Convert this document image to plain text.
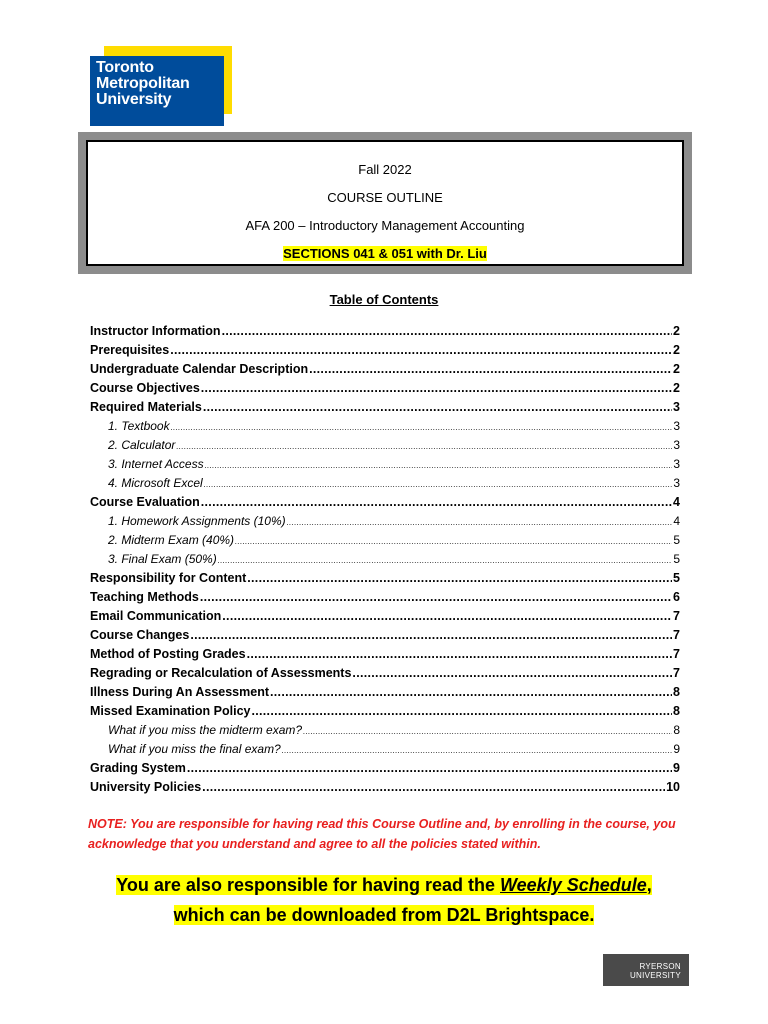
Toronto
Metropolitan
University
Fall 2022
COURSE OUTLINE
AFA 200 – Introductory Management Accounting
SECTIONS 041 & 051 with Dr. Liu
Table of Contents
Instructor Information .....	2
Prerequisites .....	2
Undergraduate Calendar Description .....	2
Course Objectives .....	2
Required Materials .....	3
1. Textbook .....	3
2. Calculator .....	3
3. Internet Access .....	3
4. Microsoft Excel .....	3
Course Evaluation .....	4
1. Homework Assignments (10%) .....	4
2. Midterm Exam (40%) .....	5
3. Final Exam (50%) .....	5
Responsibility for Content .....	5
Teaching Methods .....	6
Email Communication .....	7
Course Changes .....	7
Method of Posting Grades .....	7
Regrading or Recalculation of Assessments .....	7
Illness During An Assessment .....	8
Missed Examination Policy .....	8
What if you miss the midterm exam? .....	8
What if you miss the final exam? .....	9
Grading System .....	9
University Policies .....	10
NOTE: You are responsible for having read this Course Outline and, by enrolling in the course, you acknowledge that you understand and agree to all the policies stated within.
You are also responsible for having read the Weekly Schedule,
which can be downloaded from D2L Brightspace.
RYERSON
UNIVERSITY
